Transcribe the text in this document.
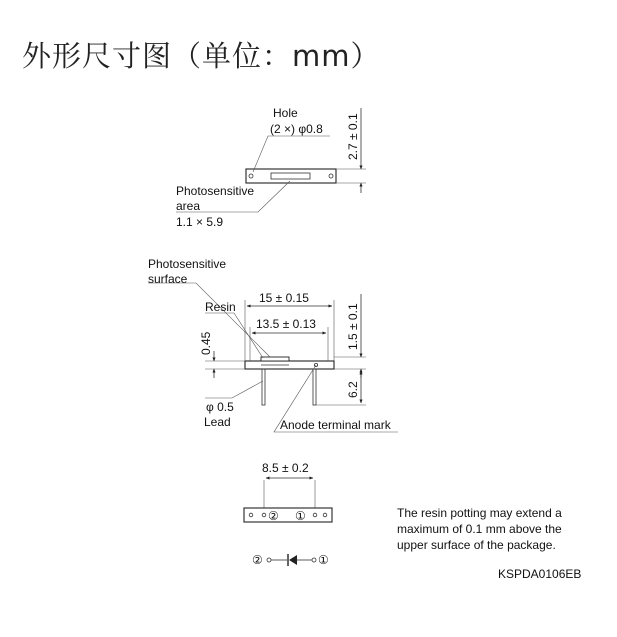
外形尺寸图（单位：mm）
Hole
(2 ×) φ0.8
Photosensitive
area
1.1 × 5.9
2.7 ± 0.1
15 ± 0.15
13.5 ± 0.13
Photosensitive
surface
Resin
0.45	1.5 ± 0.1
6.2
φ 0.5
Lead	Anode terminal mark
8.5 ± 0.2
② ①
②	①
The resin potting may extend a
maximum of 0.1 mm above the
upper surface of the package.
KSPDA0106EB
